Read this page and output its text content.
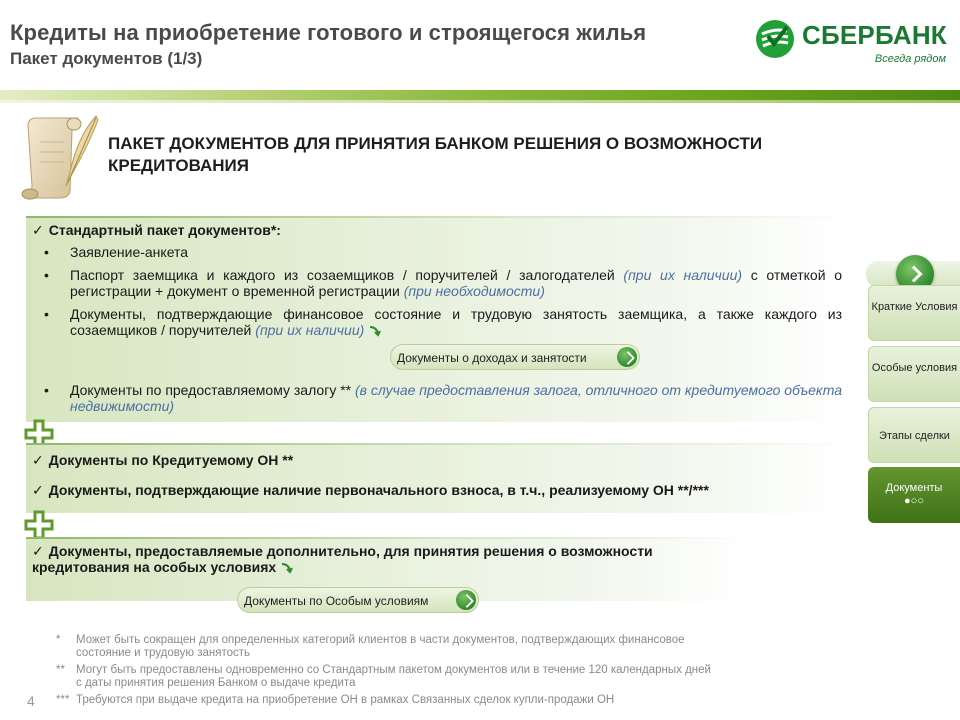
Кредиты на приобретение готового и строящегося жилья
Пакет документов (1/3)
СБЕРБАНК
Всегда рядом
ПАКЕТ ДОКУМЕНТОВ ДЛЯ ПРИНЯТИЯ БАНКОМ РЕШЕНИЯ О ВОЗМОЖНОСТИ КРЕДИТОВАНИЯ
✓ Стандартный пакет документов*:
• Заявление-анкета
• Паспорт заемщика и каждого из созаемщиков / поручителей / залогодателей (при их наличии) с отметкой о регистрации + документ о временной регистрации (при необходимости)
• Документы, подтверждающие финансовое состояние и трудовую занятость заемщика, а также каждого из созаемщиков / поручителей (при их наличии)
Документы о доходах и занятости
• Документы по предоставляемому залогу ** (в случае предоставления залога, отличного от кредитуемого объекта недвижимости)
✓ Документы по Кредитуемому ОН **
✓ Документы, подтверждающие наличие первоначального взноса, в т.ч., реализуемому ОН **/***
✓ Документы, предоставляемые дополнительно, для принятия решения о возможности кредитования на особых условиях
Документы по Особым условиям
* Может быть сокращен для определенных категорий клиентов в части документов, подтверждающих финансовое состояние и трудовую занятость
** Могут быть предоставлены одновременно со Стандартным пакетом документов или в течение 120 календарных дней с даты принятия решения Банком о выдаче кредита
*** Требуются при выдаче кредита на приобретение ОН в рамках Связанных сделок купли-продажи ОН
4
Краткие Условия
Особые условия
Этапы сделки
Документы
●○○
